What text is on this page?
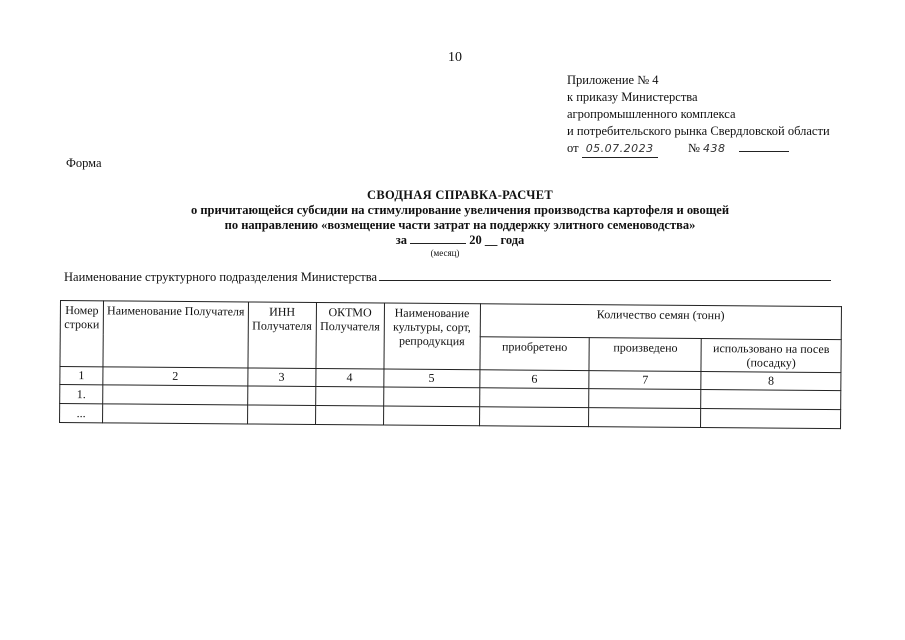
10
Приложение № 4
к приказу Министерства
агропромышленного комплекса
и потребительского рынка Свердловской области
от 05.07.2023	№ 438
Форма
СВОДНАЯ СПРАВКА-РАСЧЕТ
о причитающейся субсидии на стимулирование увеличения производства картофеля и овощей
по направлению «возмещение части затрат на поддержку элитного семеноводства»
за	20 __ года
(месяц)
Наименование структурного подразделения Министерства
Номер строки	Наименование Получателя	ИНН Получателя	ОКТМО Получателя	Наименование культуры, сорт, репродукция	Количество семян (тонн)		
					приобретено	произведено	использовано на посев (посадку)
1	2	3	4	5	6	7	8
1.							
...							
